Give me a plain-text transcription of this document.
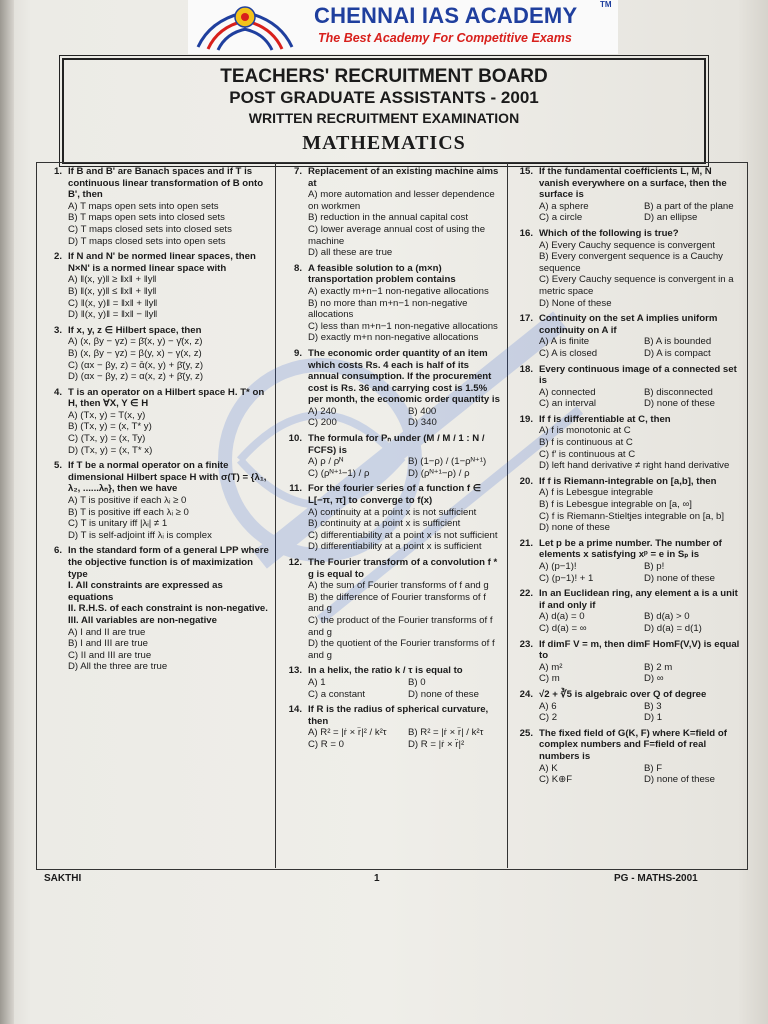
CHENNAI IAS ACADEMY	TM
The Best Academy For Competitive Exams
TEACHERS' RECRUITMENT BOARD
POST GRADUATE ASSISTANTS - 2001
WRITTEN RECRUITMENT EXAMINATION
MATHEMATICS
1. If B and B' are Banach spaces and if T is continuous linear transformation of B onto B', then
A) T maps open sets into open sets
B) T maps open sets into closed sets
C) T maps closed sets into closed sets
D) T maps closed sets into open sets
2. If N and N' be normed linear spaces, then N×N' is a normed linear space with
A) ‖(x, y)‖ ≥ ‖x‖ + ‖y‖
B) ‖(x, y)‖ ≤ ‖x‖ + ‖y‖
C) ‖(x, y)‖ = ‖x‖ + ‖y‖
D) ‖(x, y)‖ = ‖x‖ − ‖y‖
3. If x, y, z ∈ Hilbert space, then
A) (x, βy − γz) = β̄(x, y) − γ̄(x, z)
B) (x, βy − γz) = β(y, x) − γ(x, z)
C) (αx − βy, z) = ᾱ(x, y) + β̄(y, z)
D) (αx − βy, z) = α(x, z) + β̄(y, z)
4. T is an operator on a Hilbert space H. T* on H, then ∀X, Y ∈ H
A) (Tx, y) = T(x, y)
B) (Tx, y) = (x, T* y)
C) (Tx, y) = (x, Ty)
D) (Tx, y) = (x, T* x)
5. If T be a normal operator on a finite dimensional Hilbert space H with σ(T) = {λ₁, λ₂, ......λₙ}, then we have
A) T is positive if each λᵢ ≥ 0
B) T is positive iff each λᵢ ≥ 0
C) T is unitary iff |λᵢ| ≠ 1
D) T is self-adjoint iff λᵢ is complex
6. In the standard form of a general LPP where the objective function is of maximization type
I. All constraints are expressed as equations
II. R.H.S. of each constraint is non-negative.
III. All variables are non-negative
A) I and II are true
B) I and III are true
C) II and III are true
D) All the three are true
7. Replacement of an existing machine aims at
A) more automation and lesser dependence on workmen
B) reduction in the annual capital cost
C) lower average annual cost of using the machine
D) all these are true
8. A feasible solution to a (m×n) transportation problem contains
A) exactly m+n−1 non-negative allocations
B) no more than m+n−1 non-negative allocations
C) less than m+n−1 non-negative allocations
D) exactly m+n non-negative allocations
9. The economic order quantity of an item which costs Rs. 4 each is half of its annual consumption. If the procurement cost is Rs. 36 and carrying cost is 1.5% per month, the economic order quantity is
A) 240	B) 400
C) 200	D) 340
10. The formula for Pₙ under (M / M / 1 : N / FCFS) is
A) ρ / ρᴺ	B) (1−ρ) / (1−ρᴺ⁺¹)
C) (ρᴺ⁺¹−1) / ρ	D) (ρᴺ⁺¹−ρ) / ρ
11. For the fourier series of a function f ∈ L[−π, π] to converge to f(x)
A) continuity at a point x is not sufficient
B) continuity at a point x is sufficient
C) differentiability at a point x is not sufficient
D) differentiability at a point x is sufficient
12. The Fourier transform of a convolution f * g is equal to
A) the sum of Fourier transforms of f and g
B) the difference of Fourier transforms of f and g
C) the product of the Fourier transforms of f and g
D) the quotient of the Fourier transforms of f and g
13. In a helix, the ratio k / τ is equal to
A) 1	B) 0
C) a constant	D) none of these
14. If R is the radius of spherical curvature, then
A) R² = |ṙ × r̈|² / k²τ	B) R² = |ṙ × r̈| / k²τ
C) R = 0	D) R = |ṙ × r̈|²
15. If the fundamental coefficients L, M, N vanish everywhere on a surface, then the surface is
A) a sphere	B) a part of the plane
C) a circle	D) an ellipse
16. Which of the following is true?
A) Every Cauchy sequence is convergent
B) Every convergent sequence is a Cauchy sequence
C) Every Cauchy sequence is convergent in a metric space
D) None of these
17. Continuity on the set A implies uniform continuity on A if
A) A is finite	B) A is bounded
C) A is closed	D) A is compact
18. Every continuous image of a connected set is
A) connected	B) disconnected
C) an interval	D) none of these
19. If f is differentiable at C, then
A) f is monotonic at C
B) f is continuous at C
C) f′ is continuous at C
D) left hand derivative ≠ right hand derivative
20. If f is Riemann-integrable on [a,b], then
A) f is Lebesgue integrable
B) f is Lebesgue integrable on [a, ∞]
C) f is Riemann-Stieltjes integrable on [a, b]
D) none of these
21. Let p be a prime number. The number of elements x satisfying xᵖ = e in Sₚ is
A) (p−1)!	B) p!
C) (p−1)! + 1	D) none of these
22. In an Euclidean ring, any element a is a unit if and only if
A) d(a) = 0	B) d(a) > 0
C) d(a) = ∞	D) d(a) = d(1)
23. If dimF V = m, then dimF HomF(V,V) is equal to
A) m²	B) 2 m
C) m	D) ∞
24. √2 + ∛5 is algebraic over Q of degree
A) 6	B) 3
C) 2	D) 1
25. The fixed field of G(K, F) where K=field of complex numbers and F=field of real numbers is
A) K	B) F
C) K⊕F	D) none of these
SAKTHI	1	PG - MATHS-2001
